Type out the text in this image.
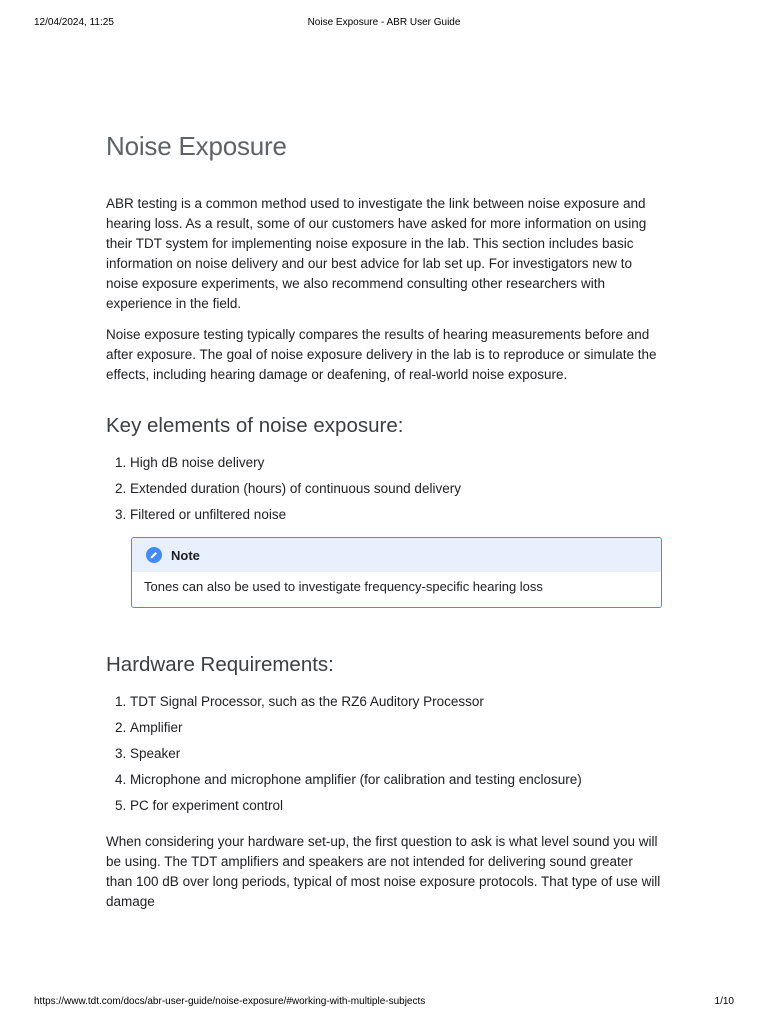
12/04/2024, 11:25	Noise Exposure - ABR User Guide
Noise Exposure

ABR testing is a common method used to investigate the link between noise exposure and hearing loss. As a result, some of our customers have asked for more information on using their TDT system for implementing noise exposure in the lab. This section includes basic information on noise delivery and our best advice for lab set up. For investigators new to noise exposure experiments, we also recommend consulting other researchers with experience in the field.

Noise exposure testing typically compares the results of hearing measurements before and after exposure. The goal of noise exposure delivery in the lab is to reproduce or simulate the effects, including hearing damage or deafening, of real-world noise exposure.

Key elements of noise exposure:
1. High dB noise delivery
2. Extended duration (hours) of continuous sound delivery
3. Filtered or unfiltered noise
Note
Tones can also be used to investigate frequency-specific hearing loss
Hardware Requirements:
1. TDT Signal Processor, such as the RZ6 Auditory Processor
2. Amplifier
3. Speaker
4. Microphone and microphone amplifier (for calibration and testing enclosure)
5. PC for experiment control

When considering your hardware set-up, the first question to ask is what level sound you will be using. The TDT amplifiers and speakers are not intended for delivering sound greater than 100 dB over long periods, typical of most noise exposure protocols. That type of use will damage

https://www.tdt.com/docs/abr-user-guide/noise-exposure/#working-with-multiple-subjects	1/10
